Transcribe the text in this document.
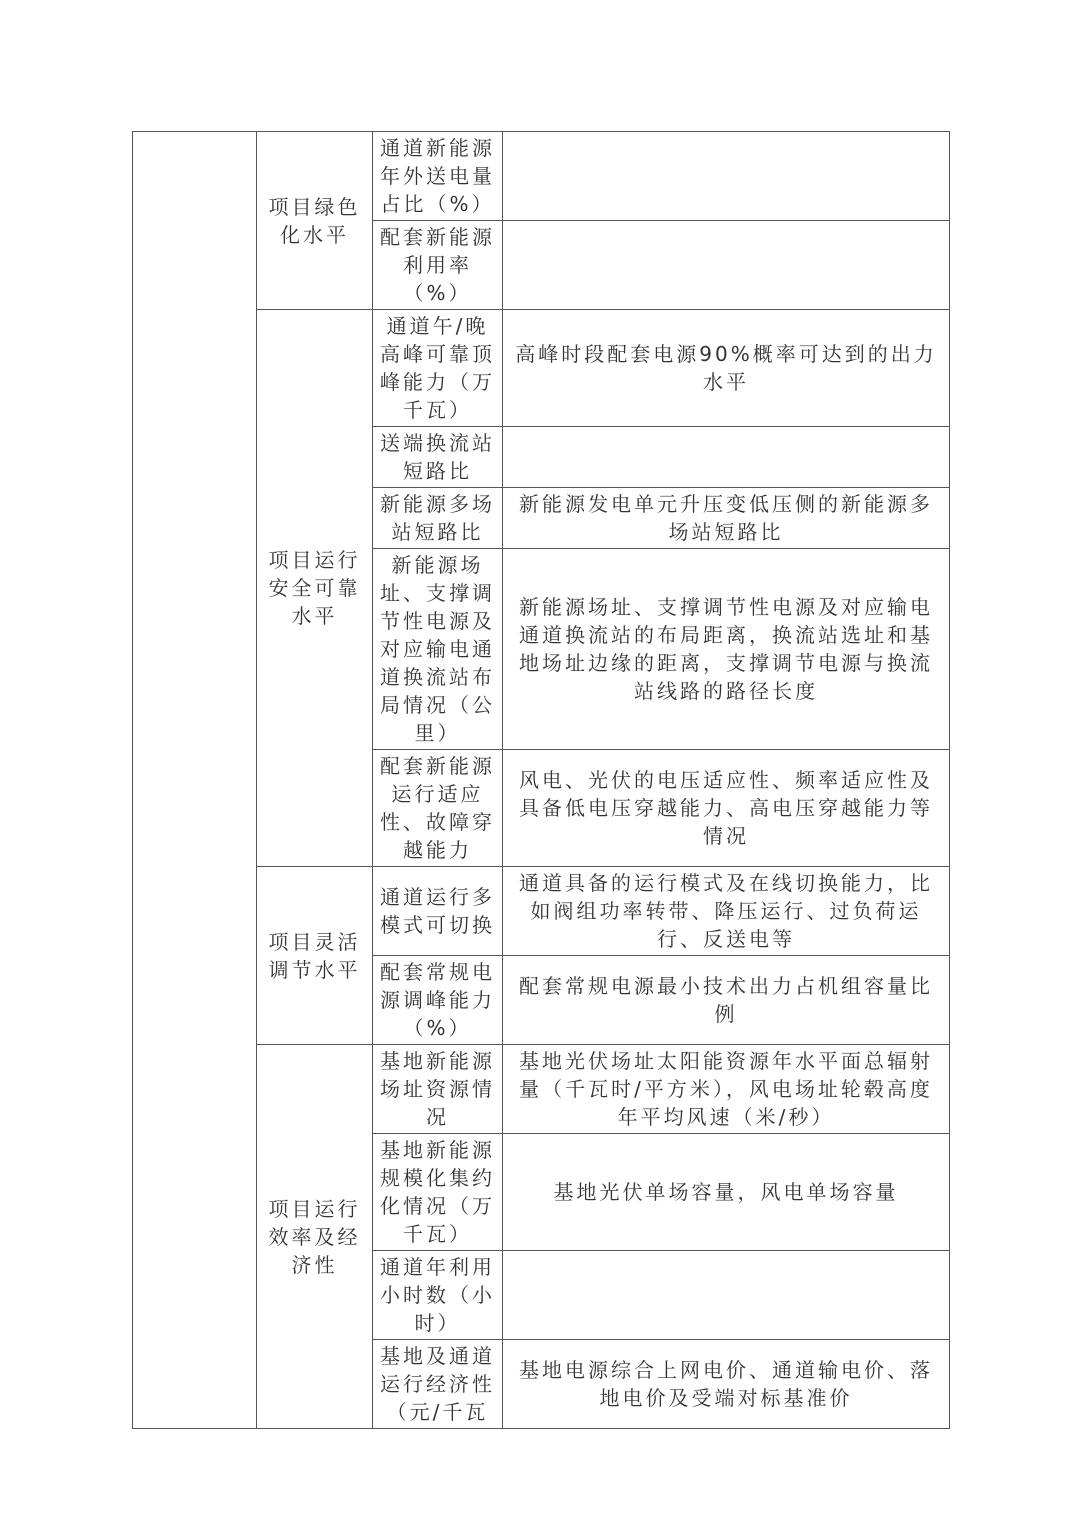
	项目绿色化水平	通道新能源年外送电量占比（%）	
		配套新能源利用率（%）	
	项目运行安全可靠水平	通道午/晚高峰可靠顶峰能力（万千瓦）	高峰时段配套电源90%概率可达到的出力水平
		送端换流站短路比	
		新能源多场站短路比	新能源发电单元升压变低压侧的新能源多场站短路比
		新能源场址、支撑调节性电源及对应输电通道换流站布局情况（公里）	新能源场址、支撑调节性电源及对应输电通道换流站的布局距离，换流站选址和基地场址边缘的距离，支撑调节电源与换流站线路的路径长度
		配套新能源运行适应性、故障穿越能力	风电、光伏的电压适应性、频率适应性及具备低电压穿越能力、高电压穿越能力等情况
	项目灵活调节水平	通道运行多模式可切换	通道具备的运行模式及在线切换能力，比如阀组功率转带、降压运行、过负荷运行、反送电等
		配套常规电源调峰能力（%）	配套常规电源最小技术出力占机组容量比例
	项目运行效率及经济性	基地新能源场址资源情况	基地光伏场址太阳能资源年水平面总辐射量（千瓦时/平方米），风电场址轮毂高度年平均风速（米/秒）
		基地新能源规模化集约化情况（万千瓦）	基地光伏单场容量，风电单场容量
		通道年利用小时数（小时）	
		基地及通道运行经济性（元/千瓦	基地电源综合上网电价、通道输电价、落地电价及受端对标基准价
